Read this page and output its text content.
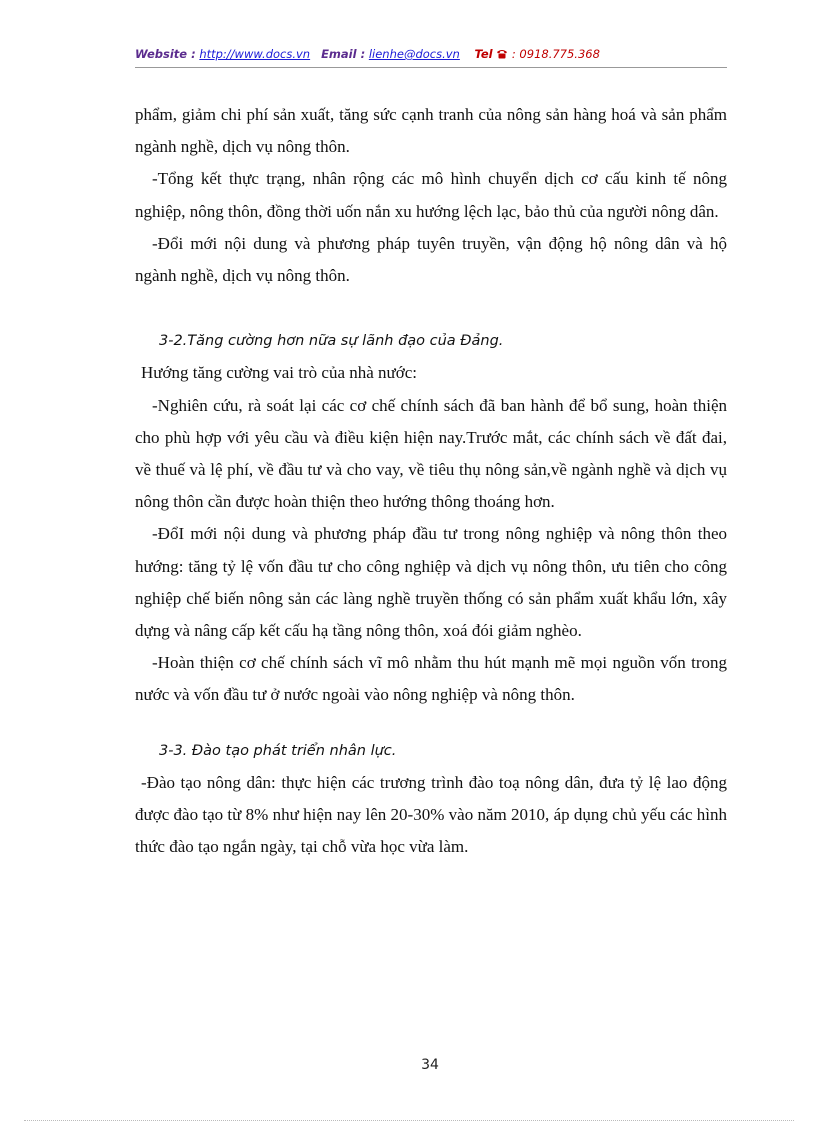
Website : http://www.docs.vn Email : lienhe@docs.vn Tel : 0918.775.368

phẩm, giảm chi phí sản xuất, tăng sức cạnh tranh của nông sản hàng hoá và sản phẩm ngành nghề, dịch vụ nông thôn.

-Tổng kết thực trạng, nhân rộng các mô hình chuyển dịch cơ cấu kinh tế nông nghiệp, nông thôn, đồng thời uốn nắn xu hướng lệch lạc, bảo thủ của người nông dân.

-Đổi mới nội dung và phương pháp tuyên truyền, vận động hộ nông dân và hộ ngành nghề, dịch vụ nông thôn.

3-2.Tăng cường hơn nữa sự lãnh đạo của Đảng.

Hướng tăng cường vai trò của nhà nước:

-Nghiên cứu, rà soát lại các cơ chế chính sách đã ban hành để bổ sung, hoàn thiện cho phù hợp với yêu cầu và điều kiện hiện nay.Trước mắt, các chính sách về đất đai, về thuế và lệ phí, về đầu tư và cho vay, về tiêu thụ nông sản,về ngành nghề và dịch vụ nông thôn cần được hoàn thiện theo hướng thông thoáng hơn.

-ĐổI mới nội dung và phương pháp đầu tư trong nông nghiệp và nông thôn theo hướng: tăng tỷ lệ vốn đầu tư cho công nghiệp và dịch vụ nông thôn, ưu tiên cho công nghiệp chế biến nông sản các làng nghề truyền thống có sản phẩm xuất khẩu lớn, xây dựng và nâng cấp kết cấu hạ tầng nông thôn, xoá đói giảm nghèo.

-Hoàn thiện cơ chế chính sách vĩ mô nhằm thu hút mạnh mẽ mọi nguồn vốn trong nước và vốn đầu tư ở nước ngoài vào nông nghiệp và nông thôn.

3-3. Đào tạo phát triển nhân lực.

-Đào tạo nông dân: thực hiện các trương trình đào toạ nông dân, đưa tỷ lệ lao động được đào tạo từ 8% như hiện nay lên 20-30% vào năm 2010, áp dụng chủ yếu các hình thức đào tạo ngắn ngày, tại chỗ vừa học vừa làm.

34
